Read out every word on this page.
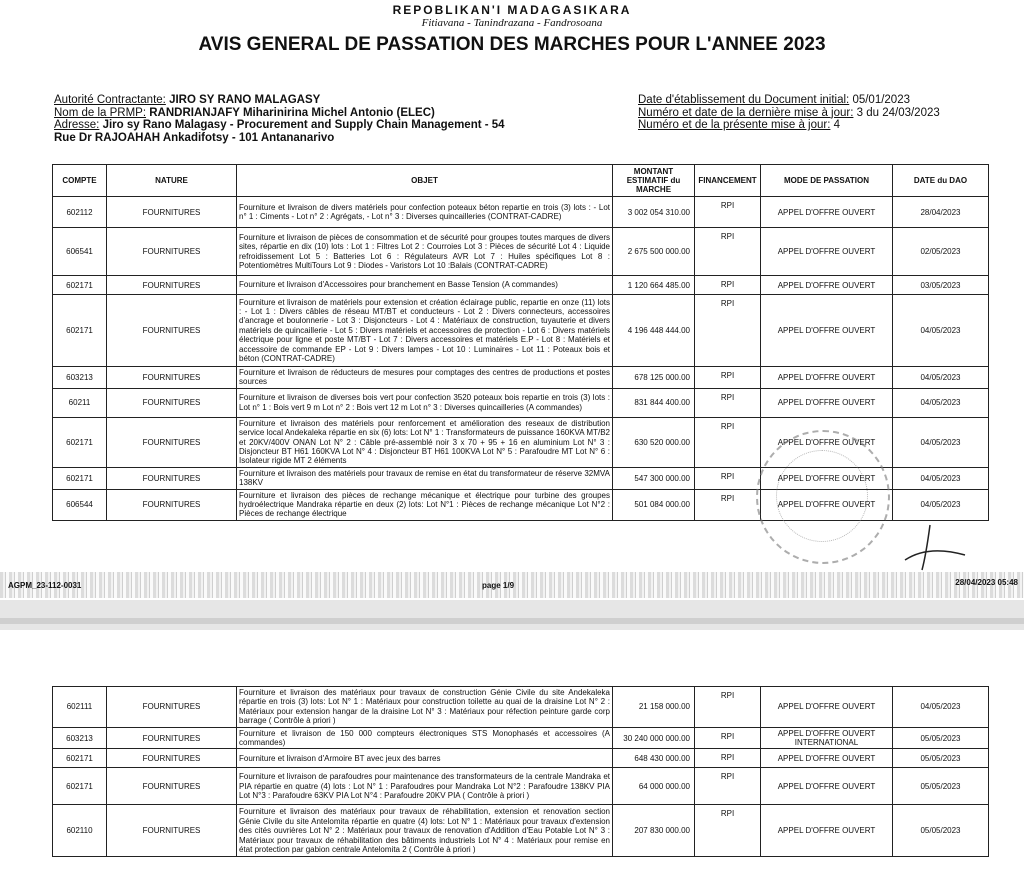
REPOBLIKAN'I MADAGASIKARA
Fitiavana - Tanindrazana - Fandrosoana
AVIS GENERAL DE PASSATION DES MARCHES POUR L'ANNEE 2023
Autorité Contractante: JIRO SY RANO MALAGASY
Nom de la PRMP: RANDRIANJAFY Miharinirina Michel Antonio (ELEC)
Adresse: Jiro sy Rano Malagasy - Procurement and Supply Chain Management - 54
Rue Dr RAJOAHAH Ankadifotsy - 101 Antananarivo
Date d'établissement du Document initial: 05/01/2023
Numéro et date de la dernière mise à jour: 3 du 24/03/2023
Numéro et de la présente mise à jour: 4
COMPTE	NATURE	OBJET	MONTANT ESTIMATIF du MARCHE	FINANCEMENT	MODE DE PASSATION	DATE du DAO
602112	FOURNITURES	Fourniture et livraison de divers matériels pour confection poteaux béton repartie en trois (3) lots : - Lot n° 1 : Ciments - Lot n° 2 : Agrégats, - Lot n° 3 : Diverses quincailleries (CONTRAT-CADRE)	3 002 054 310.00	RPI	APPEL D'OFFRE OUVERT	28/04/2023
606541	FOURNITURES	Fourniture et livraison de pièces de consommation et de sécurité pour groupes toutes marques de divers sites, répartie en dix (10) lots : Lot 1 : Filtres Lot 2 : Courroies Lot 3 : Pièces de sécurité Lot 4 : Liquide refroidissement Lot 5 : Batteries Lot 6 : Régulateurs AVR Lot 7 : Huiles spécifiques Lot 8 : Potentiomètres MultiTours Lot 9 : Diodes - Varistors Lot 10 :Balais (CONTRAT-CADRE)	2 675 500 000.00	RPI	APPEL D'OFFRE OUVERT	02/05/2023
602171	FOURNITURES	Fourniture et livraison d'Accessoires pour branchement en Basse Tension (A commandes)	1 120 664 485.00	RPI	APPEL D'OFFRE OUVERT	03/05/2023
602171	FOURNITURES	Fourniture et livraison de matériels pour extension et création éclairage public, repartie en onze (11) lots : - Lot 1 : Divers câbles de réseau MT/BT et conducteurs - Lot 2 : Divers connecteurs, accessoires d'ancrage et boulonnerie - Lot 3 : Disjoncteurs - Lot 4 : Matériaux de construction, tuyauterie et divers matériels de quincaillerie - Lot 5 : Divers matériels et accessoires de protection - Lot 6 : Divers matériels électrique pour ligne et poste MT/BT - Lot 7 : Divers accessoires et matériels E.P - Lot 8 : Matériels et accessoire de commande EP - Lot 9 : Divers lampes - Lot 10 : Luminaires - Lot 11 : Poteaux bois et béton (CONTRAT-CADRE)	4 196 448 444.00	RPI	APPEL D'OFFRE OUVERT	04/05/2023
603213	FOURNITURES	Fourniture et livraison de réducteurs de mesures pour comptages des centres de productions et postes sources	678 125 000.00	RPI	APPEL D'OFFRE OUVERT	04/05/2023
60211	FOURNITURES	Fourniture et livraison de diverses bois vert pour confection 3520 poteaux bois repartie en trois (3) lots : Lot n° 1 : Bois vert 9 m Lot n° 2 : Bois vert 12 m Lot n° 3 : Diverses quincailleries (A commandes)	831 844 400.00	RPI	APPEL D'OFFRE OUVERT	04/05/2023
602171	FOURNITURES	Fourniture et livraison des matériels pour renforcement et amélioration des reseaux de distribution service local Andekaleka répartie en six (6) lots: Lot N° 1 : Transformateurs de puissance 160KVA MT/B2 et 20KV/400V ONAN Lot N° 2 : Câble pré-assemblé noir 3 x 70 + 95 + 16 en aluminium Lot N° 3 : Disjoncteur BT H61 160KVA Lot N° 4 : Disjoncteur BT H61 100KVA Lot N° 5 : Parafoudre MT Lot N° 6 : Isolateur rigide MT 2 éléments	630 520 000.00	RPI	APPEL D'OFFRE OUVERT	04/05/2023
602171	FOURNITURES	Fourniture et livraison des matériels pour travaux de remise en état du transformateur de réserve 32MVA 138KV	547 300 000.00	RPI	APPEL D'OFFRE OUVERT	04/05/2023
606544	FOURNITURES	Fourniture et livraison des pièces de rechange mécanique et électrique pour turbine des groupes hydroélectrique Mandraka répartie en deux (2) lots: Lot N°1 : Pièces de rechange mécanique Lot N°2 : Pièces de rechange électrique	501 084 000.00	RPI	APPEL D'OFFRE OUVERT	04/05/2023
AGPM_23-112-0031	page 1/9	28/04/2023 05:48
602111	FOURNITURES	Fourniture et livraison des matériaux pour travaux de construction Génie Civile du site Andekaleka répartie en trois (3) lots: Lot N° 1 : Matériaux pour construction toilette au quai de la draisine Lot N° 2 : Matériaux pour extension hangar de la draisine Lot N° 3 : Matériaux pour réfection peinture garde corp barrage ( Contrôle à priori )	21 158 000.00	RPI	APPEL D'OFFRE OUVERT	04/05/2023
603213	FOURNITURES	Fourniture et livraison de 150 000 compteurs électroniques STS Monophasés et accessoires (A commandes)	30 240 000 000.00	RPI	APPEL D'OFFRE OUVERT INTERNATIONAL	05/05/2023
602171	FOURNITURES	Fourniture et livraison d'Armoire BT avec jeux des barres	648 430 000.00	RPI	APPEL D'OFFRE OUVERT	05/05/2023
602171	FOURNITURES	Fourniture et livraison de parafoudres pour maintenance des transformateurs de la centrale Mandraka et PIA répartie en quatre (4) lots : Lot N° 1 : Parafoudres pour Mandraka Lot N°2 : Parafoudre 138KV PIA Lot N°3 : Parafoudre 63KV PIA Lot N°4 : Parafoudre 20KV PIA ( Contrôle à priori )	64 000 000.00	RPI	APPEL D'OFFRE OUVERT	05/05/2023
602110	FOURNITURES	Fourniture et livraison des matériaux pour travaux de réhabilitation, extension et renovation section Génie Civile du site Antelomita répartie en quatre (4) lots: Lot N° 1 : Matériaux pour travaux d'extension des cités ouvrières Lot N° 2 : Matériaux pour travaux de renovation d'Addition d'Eau Potable Lot N° 3 : Matériaux pour travaux de réhabilitation des bâtiments industriels Lot N° 4 : Matériaux pour remise en état protection par gabion centrale Antelomita 2 ( Contrôle à priori )	207 830 000.00	RPI	APPEL D'OFFRE OUVERT	05/05/2023
